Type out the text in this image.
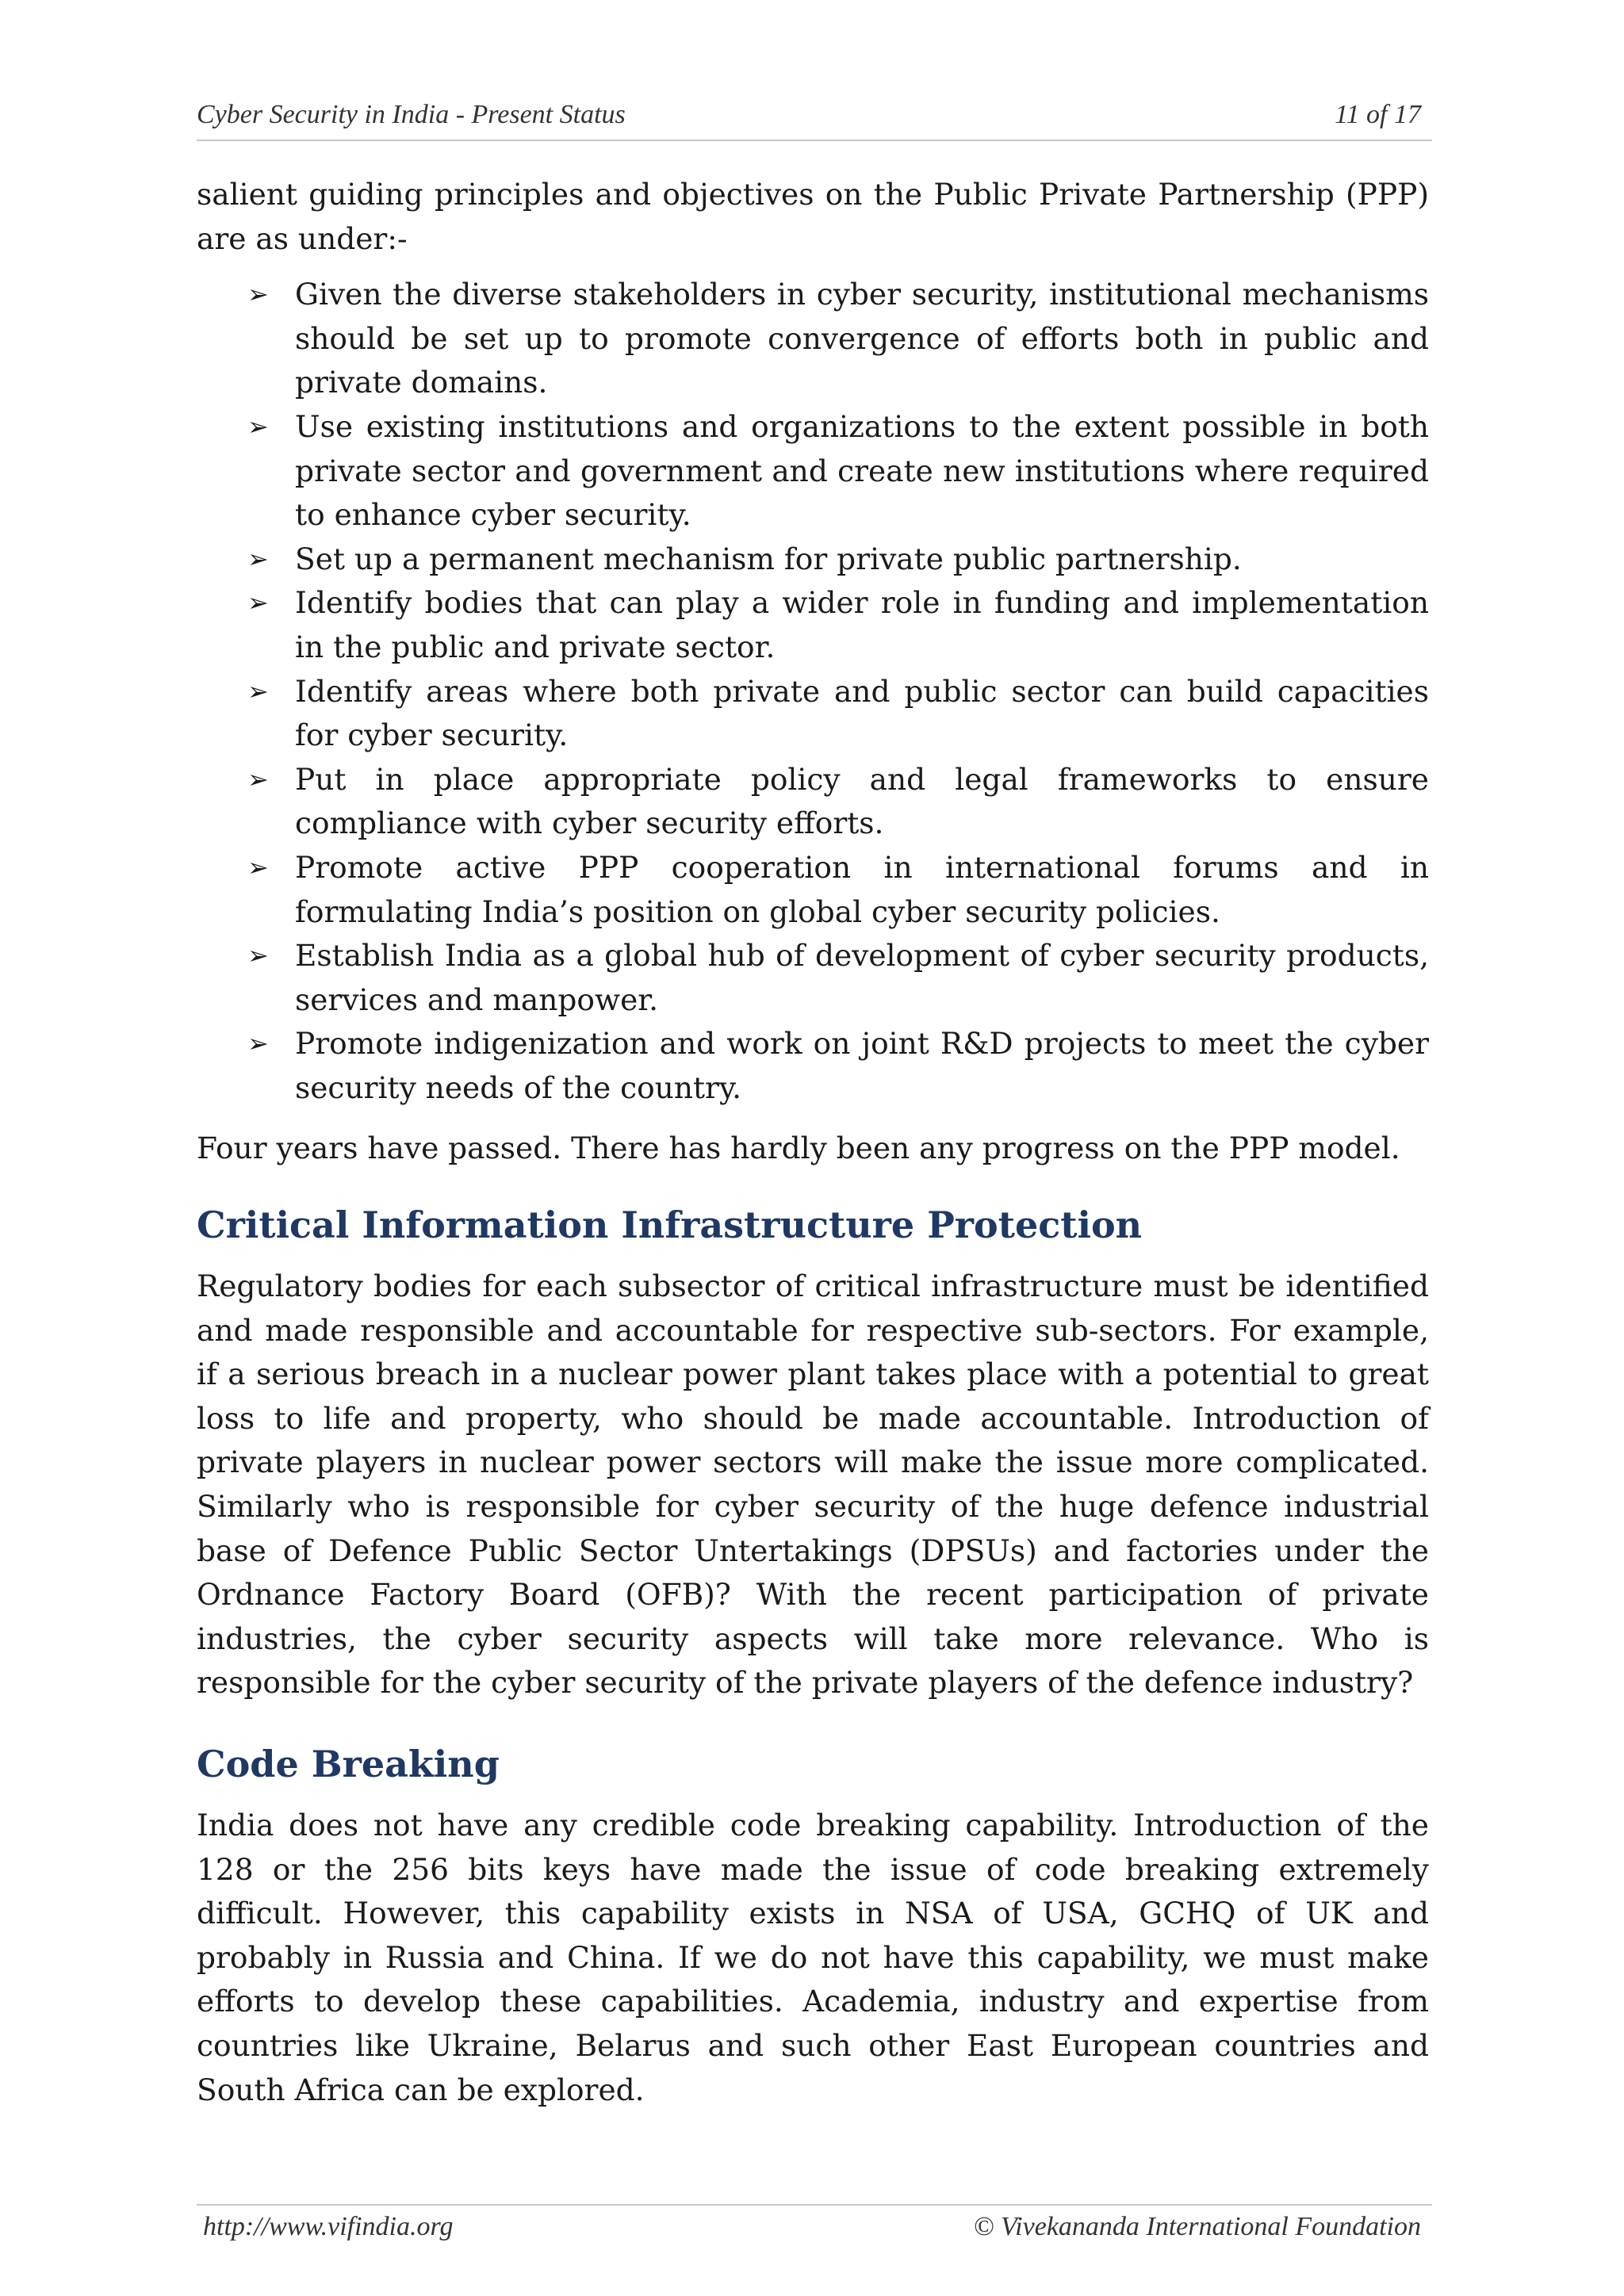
Cyber Security in India - Present Status	11 of 17

salient guiding principles and objectives on the Public Private Partnership (PPP) are as under:-

➢ Given the diverse stakeholders in cyber security, institutional mechanisms should be set up to promote convergence of efforts both in public and private domains.
➢ Use existing institutions and organizations to the extent possible in both private sector and government and create new institutions where required to enhance cyber security.
➢ Set up a permanent mechanism for private public partnership.
➢ Identify bodies that can play a wider role in funding and implementation in the public and private sector.
➢ Identify areas where both private and public sector can build capacities for cyber security.
➢ Put in place appropriate policy and legal frameworks to ensure compliance with cyber security efforts.
➢ Promote active PPP cooperation in international forums and in formulating India’s position on global cyber security policies.
➢ Establish India as a global hub of development of cyber security products, services and manpower.
➢ Promote indigenization and work on joint R&D projects to meet the cyber security needs of the country.

Four years have passed. There has hardly been any progress on the PPP model.

Critical Information Infrastructure Protection

Regulatory bodies for each subsector of critical infrastructure must be identified and made responsible and accountable for respective sub-sectors. For example, if a serious breach in a nuclear power plant takes place with a potential to great loss to life and property, who should be made accountable. Introduction of private players in nuclear power sectors will make the issue more complicated. Similarly who is responsible for cyber security of the huge defence industrial base of Defence Public Sector Untertakings (DPSUs) and factories under the Ordnance Factory Board (OFB)? With the recent participation of private industries, the cyber security aspects will take more relevance. Who is responsible for the cyber security of the private players of the defence industry?

Code Breaking

India does not have any credible code breaking capability. Introduction of the 128 or the 256 bits keys have made the issue of code breaking extremely difficult. However, this capability exists in NSA of USA, GCHQ of UK and probably in Russia and China. If we do not have this capability, we must make efforts to develop these capabilities. Academia, industry and expertise from countries like Ukraine, Belarus and such other East European countries and South Africa can be explored.

http://www.vifindia.org	© Vivekananda International Foundation
